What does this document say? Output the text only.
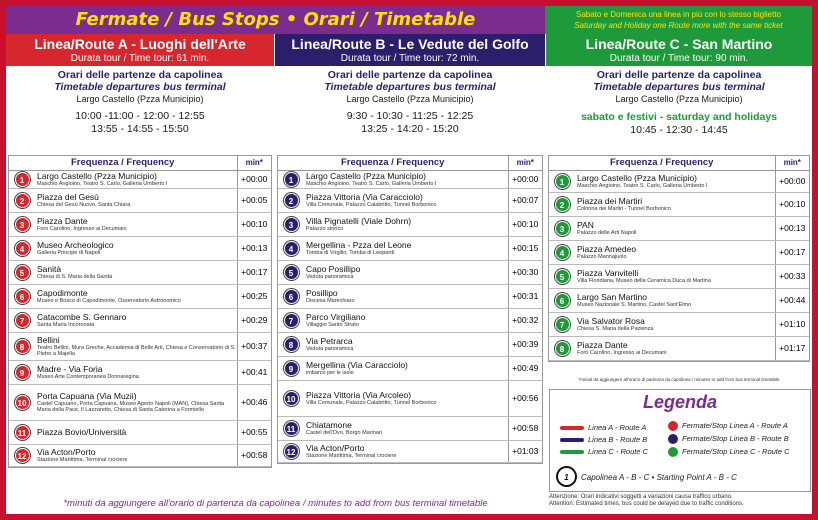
Fermate / Bus Stops • Orari / Timetable	Sabato e Domenica una linea in più con lo stesso biglietto
Saturday and Holiday one Route more with the same ticket
Linea/Route A - Luoghi dell'Arte
Durata tour / Time tour: 61 min.
Orari delle partenze da capolinea
Timetable departures bus terminal
Largo Castello (Pzza Municipio)
10:00 -11:00 - 12:00 - 12:55
13:55 - 14:55 - 15:50
Frequenza / Frequency		min*
1	Largo Castello (Pzza Municipio)
Maschio Angioino, Teatro S. Carlo, Galleria Umberto I	+00:00
2	Piazza del Gesù
Chiesa del Gesù Nuovo, Santa Chiara	+00:05
3	Piazza Dante
Foro Carolino, Ingresso ai Decumani	+00:10
4	Museo Archeologico
Galleria Principe di Napoli	+00:13
5	Sanità
Chiesa di S. Maria della Sanità	+00:17
6	Capodimonte
Museo e Bosco di Capodimonte, Osservatorio Astronomico	+00:25
7	Catacombe S. Gennaro
Santa Maria Incoronata	+00:29
8	Bellini
Teatro Bellini, Mura Greche, Accademia di Belle Arti, Chiesa e Conservatorio di S. Pietro a Majella	+00:37
9	Madre - Via Foria
Museo Arte Contemporanea Donnaregina	+00:41
10	Porta Capuana (Via Muzii)
Castel Capuano, Porta Capuana, Museo Aperto Napoli (MAN), Chiesa Santa Maria della Pace, Il Lazzaretto, Chiesa di Santa Caterina a Formiello	+00:46
11	Piazza Bovio/Università	+00:55
12	Via Acton/Porto
Stazione Marittima, Terminal crociere	+00:58
Linea/Route B - Le Vedute del Golfo
Durata tour / Time tour: 72 min.
Orari delle partenze da capolinea
Timetable departures bus terminal
Largo Castello (Pzza Municipio)
9:30 - 10:30 - 11:25 - 12:25
13:25 - 14:20 - 15:20
Frequenza / Frequency		min*
1	Largo Castello (Pzza Municipio)
Maschio Angioino, Teatro S. Carlo, Galleria Umberto I	+00:00
2	Piazza Vittoria (Via Caracciolo)
Villa Comunale, Palazzo Calabritto, Tunnel Borbonico	+00:07
3	Villa Pignatelli (Viale Dohrn)
Palazzo storico	+00:10
4	Mergellina - Pzza del Leone
Tomba di Virgilio, Tomba di Leopardi	+00:15
5	Capo Posillipo
Veduta panoramica	+00:30
6	Posillipo
Discesa Marechiaro	+00:31
7	Parco Virgiliano
Villaggio Santo Strato	+00:32
8	Via Petrarca
Veduta panoramica	+00:39
9	Mergellina (Via Caracciolo)
imbarco per le isole	+00:49
10	Piazza Vittoria (Via Arcoleo)
Villa Comunale, Palazzo Calabritto, Tunnel Borbonico	+00:56
11	Chiatamone
Castel dell'Ovo, Borgo Marinari	+00:58
12	Via Acton/Porto
Stazione Marittima, Terminal crociere	+01:03
Linea/Route C - San Martino
Durata tour / Time tour: 90 min.
Orari delle partenze da capolinea
Timetable departures bus terminal
Largo Castello (Pzza Municipio)
sabato e festivi - saturday and holidays
10:45 - 12:30 - 14:45
Frequenza / Frequency		min*
1	Largo Castello (Pzza Municipio)
Maschio Angioino, Teatro S. Carlo, Galleria Umberto I	+00:00
2	Piazza dei Martiri
Colonna dei Martiri - Tunnel Borbonico	+00:10
3	PAN
Palazzo delle Arti Napoli	+00:13
4	Piazza Amedeo
Palazzo Mannajuolo	+00:17
5	Piazza Vanvitelli
Villa Floridiana, Museo della Ceramica Duca di Martina	+00:33
6	Largo San Martino
Museo Nazionale S. Martino, Castel Sant'Elmo	+00:44
7	Via Salvator Rosa
Chiesa S. Maria della Pazienza	+01:10
8	Piazza Dante
Foro Carolino, Ingresso ai Decumani	+01:17
*minuti da aggiungere all'orario di partenza da capolinea / minutes to add from bus terminal timetable
*minuti da aggiungere all'orario di partenza da capolinea / minutes to add from bus terminal timetable
Legenda
Linea A - Route A
Linea B - Route B
Linea C - Route C
Fermate/Stop Linea A - Route A
Fermate/Stop Linea B - Route B
Fermate/Stop Linea C - Route C
1 Capolinea A - B - C • Starting Point A - B - C
Attenzione: Orari indicativi soggetti a variazioni causa traffico urbano.
Attention: Estimated times, bus could be delayed due to traffic conditions.
